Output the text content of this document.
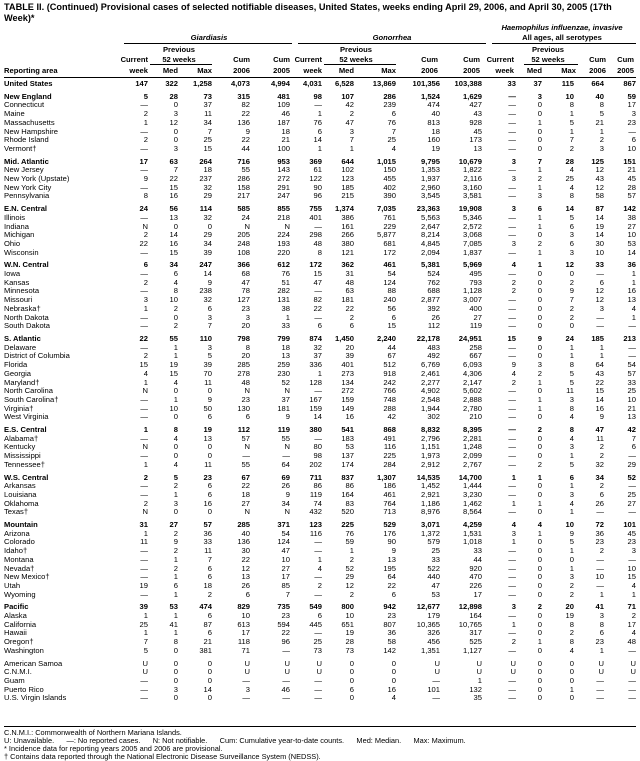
TABLE II. (Continued) Provisional cases of selected notifiable diseases, United States, weeks ending April 29, 2006, and April 30, 2005 (17th Week)*
Haemophilus influenzae, invasive
Giardiasis	Gonorrhea	All ages, all serotypes
Previous	Previous	Previous
Current	52 weeks	Cum	Cum Current	52 weeks	Cum	Cum Current	52 weeks	Cum	Cum
Reporting area	week	Med	Max	2006	2005	week	Med	Max	2006	2005	week	Med	Max	2006	2005
United States	147	322	1,258	4,073	4,994	4,031	6,528	13,869	101,356	103,388	33	37	115	664	867

New England	5	28	73	315	481	98	107	286	1,524	1,629	—	3	10	40	59
Connecticut	—	0	37	82	109	—	42	239	474	427	—	0	8	8	17
Maine	2	3	11	22	46	1	2	6	40	43	—	0	1	5	3
Massachusetts	1	12	34	136	187	76	47	76	813	928	—	1	5	21	23
New Hampshire	—	0	7	9	18	6	3	7	18	45	—	0	1	1	—
Rhode Island	2	0	25	22	21	14	7	25	160	173	—	0	7	2	6
Vermont†	—	3	15	44	100	1	1	4	19	13	—	0	2	3	10

Mid. Atlantic	17	63	264	716	953	369	644	1,015	9,795	10,679	3	7	28	125	151
New Jersey	—	7	18	55	143	61	102	150	1,353	1,822	—	1	4	12	21
New York (Upstate)	9	22	237	286	272	122	123	455	1,937	2,116	3	2	25	43	45
New York City	—	15	32	158	291	90	185	402	2,960	3,160	—	1	4	12	28
Pennsylvania	8	16	29	217	247	96	215	390	3,545	3,581	—	3	8	58	57

E.N. Central	24	56	114	585	855	755	1,374	7,035	23,363	19,908	3	6	14	87	142
Illinois	—	13	32	24	218	401	386	761	5,563	5,346	—	1	5	14	38
Indiana	N	0	0	N	N	—	161	229	2,647	2,572	—	1	6	19	27
Michigan	2	14	29	205	224	298	266	5,877	8,214	3,068	—	0	3	14	10
Ohio	22	16	34	248	193	48	380	681	4,845	7,085	3	2	6	30	53
Wisconsin	—	15	39	108	220	8	121	172	2,094	1,837	—	1	3	10	14

W.N. Central	6	34	247	366	612	172	362	461	5,381	5,969	4	1	12	33	36
Iowa	—	6	14	68	76	15	31	54	524	495	—	0	0	—	1
Kansas	2	4	9	47	51	47	48	124	762	793	2	0	2	6	1
Minnesota	—	8	238	78	282	—	63	88	688	1,128	2	0	9	12	16
Missouri	3	10	32	127	131	82	181	240	2,877	3,007	—	0	7	12	13
Nebraska†	1	2	6	23	38	22	22	56	392	400	—	0	2	3	4
North Dakota	—	0	3	3	1	—	2	6	26	27	—	0	2	—	1
South Dakota	—	2	7	20	33	6	6	15	112	119	—	0	0	—	—

S. Atlantic	22	55	110	798	799	874	1,450	2,240	22,178	24,951	15	9	24	185	213
Delaware	—	1	3	8	18	32	20	44	483	258	—	0	1	1	—
District of Columbia	2	1	5	20	13	37	39	67	492	667	—	0	1	1	—
Florida	15	19	39	285	259	336	401	512	6,769	6,093	9	3	8	64	54
Georgia	4	15	70	278	230	1	273	918	2,461	4,306	4	2	5	43	57
Maryland†	1	4	11	48	52	128	134	242	2,277	2,147	2	1	5	22	33
North Carolina	N	0	0	N	N	—	272	766	4,902	5,602	—	0	11	15	25
South Carolina†	—	1	9	23	37	167	159	748	2,548	2,888	—	1	3	14	10
Virginia†	—	10	50	130	181	159	149	288	1,944	2,780	—	1	8	16	21
West Virginia	—	0	6	6	9	14	16	42	302	210	—	0	4	9	13

E.S. Central	1	8	19	112	119	380	541	868	8,832	8,395	—	2	8	47	42
Alabama†	—	4	13	57	55	—	183	491	2,796	2,281	—	0	4	11	7
Kentucky	N	0	0	N	N	80	53	116	1,151	1,248	—	0	3	2	6
Mississippi	—	0	0	—	—	98	137	225	1,973	2,099	—	0	1	2	—
Tennessee†	1	4	11	55	64	202	174	284	2,912	2,767	—	2	5	32	29

W.S. Central	2	5	23	67	69	711	837	1,307	14,535	14,700	1	1	6	34	52
Arkansas	—	2	6	22	26	86	86	186	1,452	1,444	—	0	1	2	—
Louisiana	—	1	6	18	9	119	164	461	2,921	3,230	—	0	3	6	25
Oklahoma	2	3	16	27	34	74	83	764	1,186	1,462	1	1	4	26	27
Texas†	N	0	0	N	N	432	520	713	8,976	8,564	—	0	1	—	—

Mountain	31	27	57	285	371	123	225	529	3,071	4,259	4	4	10	72	101
Arizona	1	2	36	40	54	116	76	176	1,372	1,531	3	1	9	36	45
Colorado	11	9	33	136	124	—	59	90	579	1,018	1	0	5	23	23
Idaho†	—	2	11	30	47	—	1	9	25	33	—	0	1	2	3
Montana	—	1	7	22	10	1	2	13	33	44	—	0	0	—	—
Nevada†	—	2	6	12	27	4	52	195	522	920	—	0	1	—	10
New Mexico†	—	1	6	13	17	—	29	64	440	470	—	0	3	10	15
Utah	19	6	18	26	85	2	12	22	47	226	—	0	2	—	4
Wyoming	—	1	2	6	7	—	2	6	53	17	—	0	2	1	1

Pacific	39	53	474	829	735	549	800	942	12,677	12,898	3	2	20	41	71
Alaska	1	1	6	10	23	6	10	23	179	164	—	0	19	3	2
California	25	41	87	613	594	445	651	807	10,365	10,765	1	0	8	8	17
Hawaii	1	1	6	17	22	—	19	36	326	317	—	0	2	6	4
Oregon†	7	8	21	118	96	25	28	58	456	525	2	1	8	23	48
Washington	5	0	381	71	—	73	73	142	1,351	1,127	—	0	4	1	—

American Samoa	U	0	0	U	U	U	0	0	U	U	U	0	0	U	U
C.N.M.I.	U	0	0	U	U	U	0	0	U	U	U	0	0	U	U
Guam	—	0	0	—	—	—	0	0	—	1	—	0	0	—	—
Puerto Rico	—	3	14	3	46	—	6	16	101	132	—	0	1	—	—
U.S. Virgin Islands	—	0	0	—	—	—	0	4	—	35	—	0	0	—	—
C.N.M.I.: Commonwealth of Northern Mariana Islands.
U: Unavailable.      —: No reported cases.      N: Not notifiable.      Cum: Cumulative year-to-date counts.      Med: Median.      Max: Maximum.
* Incidence data for reporting years 2005 and 2006 are provisional.
† Contains data reported through the National Electronic Disease Surveillance System (NEDSS).
